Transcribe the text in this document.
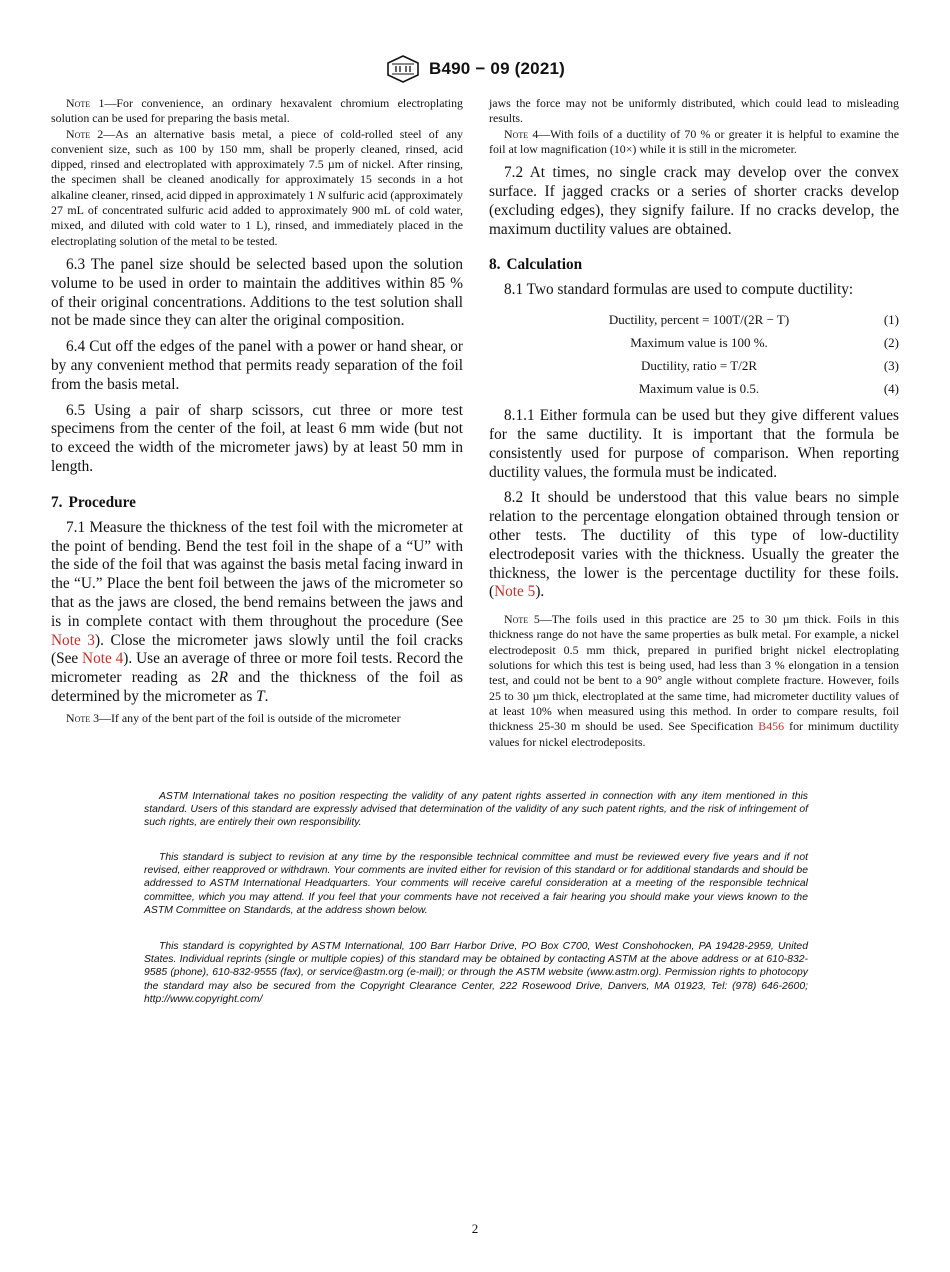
B490 − 09 (2021)

Note 1—For convenience, an ordinary hexavalent chromium electroplating solution can be used for preparing the basis metal.

Note 2—As an alternative basis metal, a piece of cold-rolled steel of any convenient size, such as 100 by 150 mm, shall be properly cleaned, rinsed, acid dipped, rinsed and electroplated with approximately 7.5 µm of nickel. After rinsing, the specimen shall be cleaned anodically for approximately 15 seconds in a hot alkaline cleaner, rinsed, acid dipped in approximately 1 N sulfuric acid (approximately 27 mL of concentrated sulfuric acid added to approximately 900 mL of cold water, mixed, and diluted with cold water to 1 L), rinsed, and immediately placed in the electroplating solution of the metal to be tested.

6.3 The panel size should be selected based upon the solution volume to be used in order to maintain the additives within 85 % of their original concentrations. Additions to the test solution shall not be made since they can alter the original composition.

6.4 Cut off the edges of the panel with a power or hand shear, or by any convenient method that permits ready separation of the foil from the basis metal.

6.5 Using a pair of sharp scissors, cut three or more test specimens from the center of the foil, at least 6 mm wide (but not to exceed the width of the micrometer jaws) by at least 50 mm in length.

7. Procedure

7.1 Measure the thickness of the test foil with the micrometer at the point of bending. Bend the test foil in the shape of a “U” with the side of the foil that was against the basis metal facing inward in the “U.” Place the bent foil between the jaws of the micrometer so that as the jaws are closed, the bend remains between the jaws and is in complete contact with them throughout the procedure (See Note 3). Close the micrometer jaws slowly until the foil cracks (See Note 4). Use an average of three or more foil tests. Record the micrometer reading as 2R and the thickness of the foil as determined by the micrometer as T.

Note 3—If any of the bent part of the foil is outside of the micrometer

jaws the force may not be uniformly distributed, which could lead to misleading results.

Note 4—With foils of a ductility of 70 % or greater it is helpful to examine the foil at low magnification (10×) while it is still in the micrometer.

7.2 At times, no single crack may develop over the convex surface. If jagged cracks or a series of shorter cracks develop (excluding edges), they signify failure. If no cracks develop, the maximum ductility values are obtained.

8. Calculation

8.1 Two standard formulas are used to compute ductility:

Ductility, percent = 100T/(2R − T)	(1)
Maximum value is 100 %.	(2)
Ductility, ratio = T/2R	(3)
Maximum value is 0.5.	(4)

8.1.1 Either formula can be used but they give different values for the same ductility. It is important that the formula be consistently used for purpose of comparison. When reporting ductility values, the formula must be indicated.

8.2 It should be understood that this value bears no simple relation to the percentage elongation obtained through tension or other tests. The ductility of this type of low-ductility electrodeposit varies with the thickness. Usually the greater the thickness, the lower is the percentage ductility for these foils. (Note 5).

Note 5—The foils used in this practice are 25 to 30 µm thick. Foils in this thickness range do not have the same properties as bulk metal. For example, a nickel electrodeposit 0.5 mm thick, prepared in purified bright nickel electroplating solutions for which this test is being used, had less than 3 % elongation in a tension test, and could not be bent to a 90° angle without complete fracture. However, foils 25 to 30 µm thick, electroplated at the same time, had micrometer ductility values of at least 10% when measured using this method. In order to compare results, foil thickness 25-30 m should be used. See Specification B456 for minimum ductility values for nickel electrodeposits.

ASTM International takes no position respecting the validity of any patent rights asserted in connection with any item mentioned in this standard. Users of this standard are expressly advised that determination of the validity of any such patent rights, and the risk of infringement of such rights, are entirely their own responsibility.

This standard is subject to revision at any time by the responsible technical committee and must be reviewed every five years and if not revised, either reapproved or withdrawn. Your comments are invited either for revision of this standard or for additional standards and should be addressed to ASTM International Headquarters. Your comments will receive careful consideration at a meeting of the responsible technical committee, which you may attend. If you feel that your comments have not received a fair hearing you should make your views known to the ASTM Committee on Standards, at the address shown below.

This standard is copyrighted by ASTM International, 100 Barr Harbor Drive, PO Box C700, West Conshohocken, PA 19428-2959, United States. Individual reprints (single or multiple copies) of this standard may be obtained by contacting ASTM at the above address or at 610-832-9585 (phone), 610-832-9555 (fax), or service@astm.org (e-mail); or through the ASTM website (www.astm.org). Permission rights to photocopy the standard may also be secured from the Copyright Clearance Center, 222 Rosewood Drive, Danvers, MA 01923, Tel: (978) 646-2600; http://www.copyright.com/

2
